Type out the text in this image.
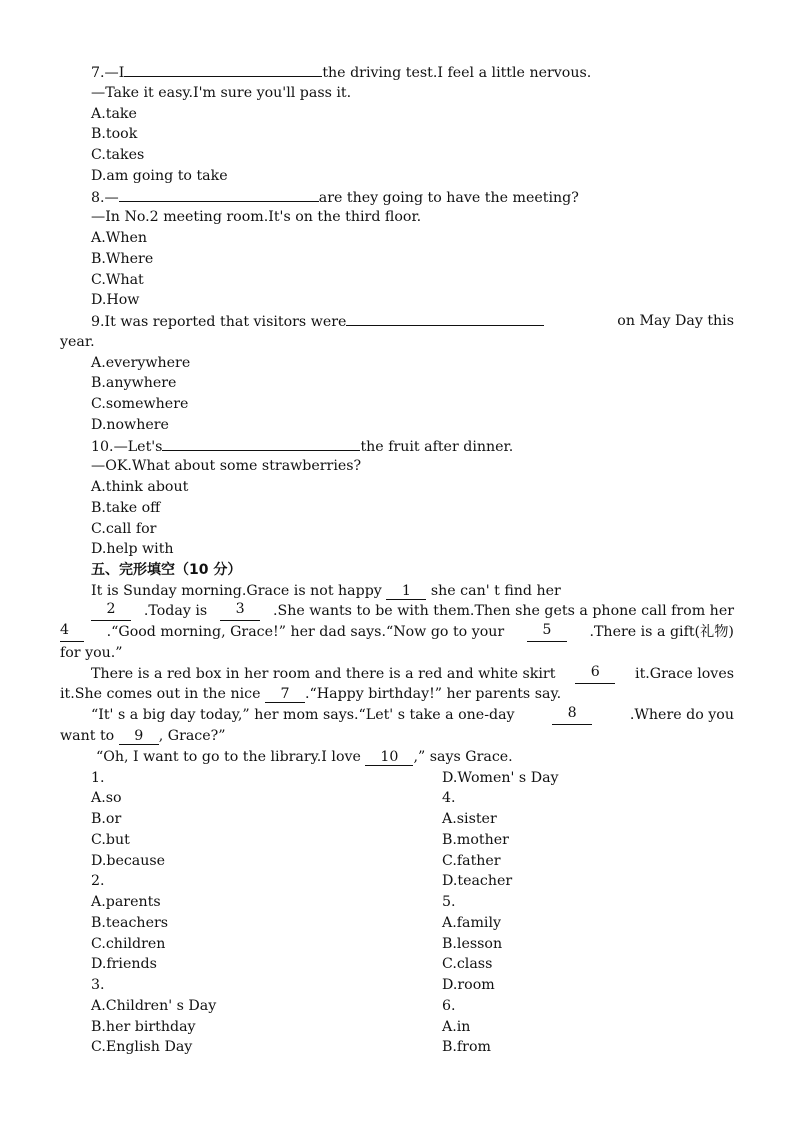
7.—I	the driving test.I feel a little nervous.
—Take it easy.I'm sure you'll pass it.
A.take
B.took
C.takes
D.am going to take
8.—	are they going to have the meeting?
—In No.2 meeting room.It's on the third floor.
A.When
B.Where
C.What
D.How
9.It was reported that visitors were	on May Day this
year.
A.everywhere
B.anywhere
C.somewhere
D.nowhere
10.—Let's	the fruit after dinner.
—OK.What about some strawberries?
A.think about
B.take off
C.call for
D.help with
五、完形填空（10 分）
It is Sunday morning.Grace is not happy 1 she can' t find her
2	.Today is	3	.She wants to be with them.Then she gets a phone call from her
4	.“Good morning, Grace!” her dad says.“Now go to your	5	.There is a gift(礼物)
for you.”
There is a red box in her room and there is a red and white skirt	6	it.Grace loves
it.She comes out in the nice 7 .“Happy birthday!” her parents say.
“It' s a big day today,” her mom says.“Let' s take a one-day	8	.Where do you
want to 9 , Grace?”
“Oh, I want to go to the library.I love 10 ,” says Grace.
1.
A.so
B.or
C.but
D.because
2.
A.parents
B.teachers
C.children
D.friends
3.
A.Children' s Day
B.her birthday
C.English Day
D.Women' s Day
4.
A.sister
B.mother
C.father
D.teacher
5.
A.family
B.lesson
C.class
D.room
6.
A.in
B.from
